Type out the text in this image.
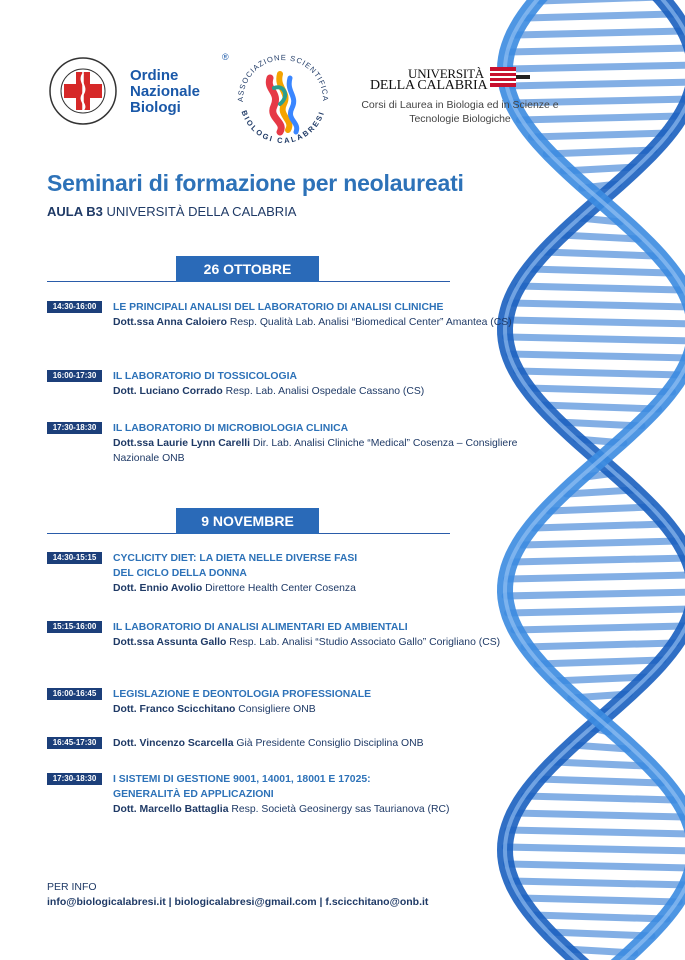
Ordine
Nazionale
Biologi
®
ASSOCIAZIONE SCIENTIFICA
BIOLOGI CALABRESI
UNIVERSITÀ
DELLA CALABRIA
Corsi di Laurea in Biologia ed in Scienze e Tecnologie Biologiche
Seminari di formazione per neolaureati
AULA B3 UNIVERSITÀ DELLA CALABRIA
26 OTTOBRE
14:30-16:00	LE PRINCIPALI ANALISI DEL LABORATORIO DI ANALISI CLINICHE
Dott.ssa Anna Caloiero Resp. Qualità Lab. Analisi “Biomedical Center” Amantea (CS)
16:00-17:30	IL LABORATORIO DI TOSSICOLOGIA
Dott. Luciano Corrado Resp. Lab. Analisi Ospedale Cassano (CS)
17:30-18:30	IL LABORATORIO DI MICROBIOLOGIA CLINICA
Dott.ssa Laurie Lynn Carelli Dir. Lab. Analisi Cliniche “Medical” Cosenza – Consigliere Nazionale ONB
9 NOVEMBRE
14:30-15:15	CYCLICITY DIET: LA DIETA NELLE DIVERSE FASI
DEL CICLO DELLA DONNA
Dott. Ennio Avolio Direttore Health Center Cosenza
15:15-16:00	IL LABORATORIO DI ANALISI ALIMENTARI ED AMBIENTALI
Dott.ssa Assunta Gallo Resp. Lab. Analisi “Studio Associato Gallo” Corigliano (CS)
16:00-16:45	LEGISLAZIONE E DEONTOLOGIA PROFESSIONALE
Dott. Franco Scicchitano Consigliere ONB
16:45-17:30	Dott. Vincenzo Scarcella Già Presidente Consiglio Disciplina ONB
17:30-18:30	I SISTEMI DI GESTIONE 9001, 14001, 18001 E 17025:
GENERALITÀ ED APPLICAZIONI
Dott. Marcello Battaglia Resp. Società Geosinergy sas Taurianova (RC)
PER INFO
info@biologicalabresi.it | biologicalabresi@gmail.com | f.scicchitano@onb.it
